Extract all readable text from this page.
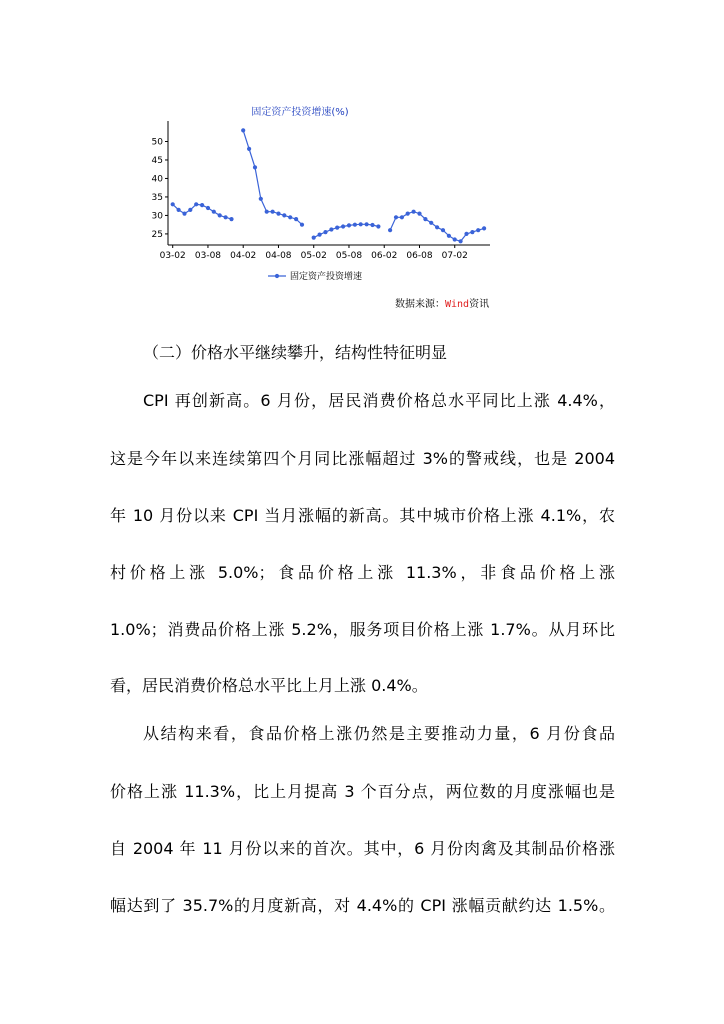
固定资产投资增速(%)
25
30
35
40
45
50
03-02 03-08 04-02 04-08 05-02 05-08 06-02 06-08 07-02
固定资产投资增速
数据来源：Wind资讯

（二）价格水平继续攀升，结构性特征明显

CPI 再创新高。6 月份，居民消费价格总水平同比上涨 4.4%，

这是今年以来连续第四个月同比涨幅超过 3%的警戒线，也是 2004

年 10 月份以来 CPI 当月涨幅的新高。其中城市价格上涨 4.1%，农

村价格上涨 5.0%；食品价格上涨 11.3%，非食品价格上涨

1.0%；消费品价格上涨 5.2%，服务项目价格上涨 1.7%。从月环比

看，居民消费价格总水平比上月上涨 0.4%。

从结构来看，食品价格上涨仍然是主要推动力量，6 月份食品

价格上涨 11.3%，比上月提高 3 个百分点，两位数的月度涨幅也是

自 2004 年 11 月份以来的首次。其中，6 月份肉禽及其制品价格涨

幅达到了 35.7%的月度新高，对 4.4%的 CPI 涨幅贡献约达 1.5%。
